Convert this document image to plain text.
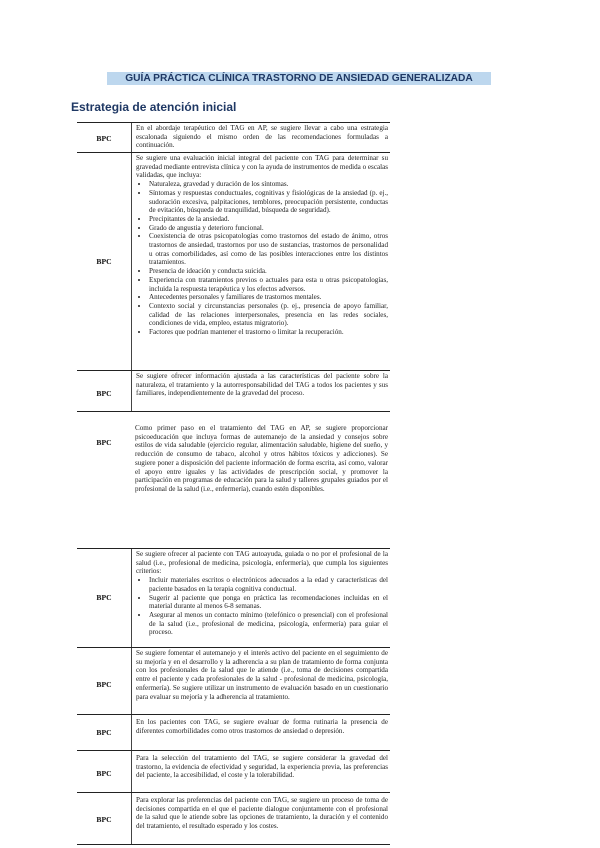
GUÍA PRÁCTICA CLÍNICA TRASTORNO DE ANSIEDAD GENERALIZADA
Estrategia de atención inicial
BPC

En el abordaje terapéutico del TAG en AP, se sugiere llevar a cabo una estrategia escalonada siguiendo el mismo orden de las recomendaciones formuladas a continuación.

BPC

Se sugiere una evaluación inicial integral del paciente con TAG para determinar su gravedad mediante entrevista clínica y con la ayuda de instrumentos de medida o escalas validadas, que incluya:

• Naturaleza, gravedad y duración de los síntomas.
• Síntomas y respuestas conductuales, cognitivas y fisiológicas de la ansiedad (p. ej., sudoración excesiva, palpitaciones, temblores, preocupación persistente, conductas de evitación, búsqueda de tranquilidad, búsqueda de seguridad).
• Precipitantes de la ansiedad.
• Grado de angustia y deterioro funcional.
• Coexistencia de otras psicopatologías como trastornos del estado de ánimo, otros trastornos de ansiedad, trastornos por uso de sustancias, trastornos de personalidad u otras comorbilidades, así como de las posibles interacciones entre los distintos tratamientos.
• Presencia de ideación y conducta suicida.
• Experiencia con tratamientos previos o actuales para esta u otras psicopatologías, incluida la respuesta terapéutica y los efectos adversos.
• Antecedentes personales y familiares de trastornos mentales.
• Contexto social y circunstancias personales (p. ej., presencia de apoyo familiar, calidad de las relaciones interpersonales, presencia en las redes sociales, condiciones de vida, empleo, estatus migratorio).
• Factores que podrían mantener el trastorno o limitar la recuperación.
BPC

Se sugiere ofrecer información ajustada a las características del paciente sobre la naturaleza, el tratamiento y la autorresponsabilidad del TAG a todos los pacientes y sus familiares, independientemente de la gravedad del proceso.

BPC

Como primer paso en el tratamiento del TAG en AP, se sugiere proporcionar psicoeducación que incluya formas de autemanejo de la ansiedad y consejos sobre estilos de vida saludable (ejercicio regular, alimentación saludable, higiene del sueño, y reducción de consumo de tabaco, alcohol y otros hábitos tóxicos y adicciones). Se sugiere poner a disposición del paciente información de forma escrita, así como, valorar el apoyo entre iguales y las actividades de prescripción social, y promover la participación en programas de educación para la salud y talleres grupales guiados por el profesional de la salud (i.e., enfermería), cuando estén disponibles.

BPC

Se sugiere ofrecer al paciente con TAG autoayuda, guiada o no por el profesional de la salud (i.e., profesional de medicina, psicología, enfermería), que cumpla los siguientes criterios:

• Incluir materiales escritos o electrónicos adecuados a la edad y características del paciente basados en la terapia cognitiva conductual.
• Sugerir al paciente que ponga en práctica las recomendaciones incluidas en el material durante al menos 6-8 semanas.
• Asegurar al menos un contacto mínimo (telefónico o presencial) con el profesional de la salud (i.e., profesional de medicina, psicología, enfermería) para guiar el proceso.
BPC

Se sugiere fomentar el autemanejo y el interés activo del paciente en el seguimiento de su mejoría y en el desarrollo y la adherencia a su plan de tratamiento de forma conjunta con los profesionales de la salud que le atiende (i.e., toma de decisiones compartida entre el paciente y cada profesionales de la salud - profesional de medicina, psicología, enfermería). Se sugiere utilizar un instrumento de evaluación basado en un cuestionario para evaluar su mejoría y la adherencia al tratamiento.

BPC

En los pacientes con TAG, se sugiere evaluar de forma rutinaria la presencia de diferentes comorbilidades como otros trastornos de ansiedad o depresión.

BPC

Para la selección del tratamiento del TAG, se sugiere considerar la gravedad del trastorno, la evidencia de efectividad y seguridad, la experiencia previa, las preferencias del paciente, la accesibilidad, el coste y la tolerabilidad.

BPC

Para explorar las preferencias del paciente con TAG, se sugiere un proceso de toma de decisiones compartida en el que el paciente dialogue conjuntamente con el profesional de la salud que le atiende sobre las opciones de tratamiento, la duración y el contenido del tratamiento, el resultado esperado y los costes.
